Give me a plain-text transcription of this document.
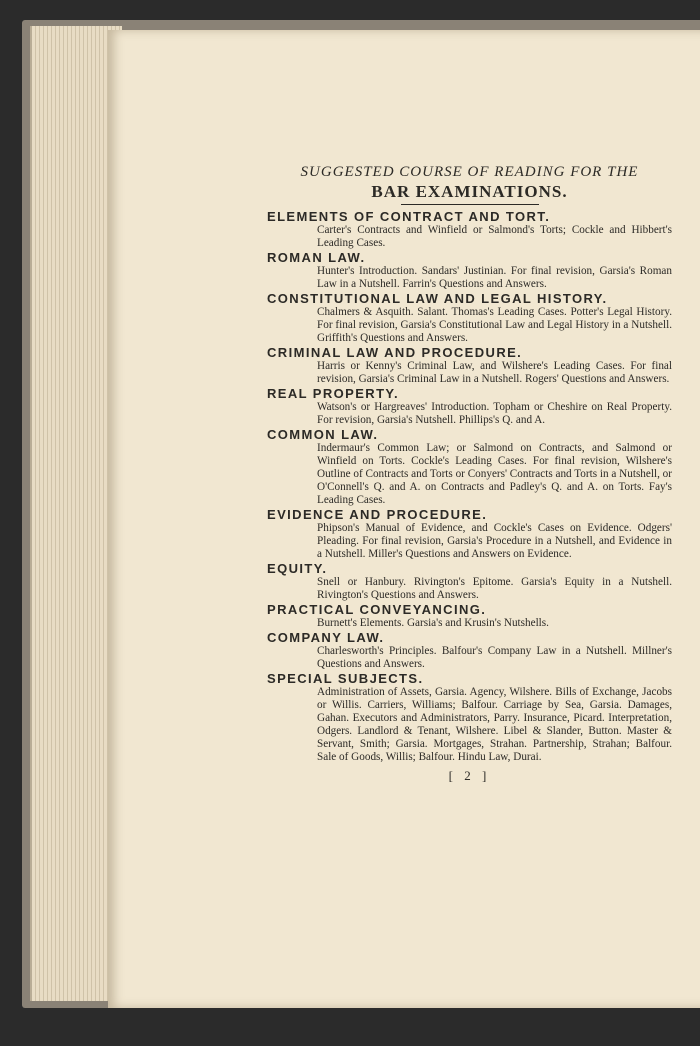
SUGGESTED COURSE OF READING FOR THE

BAR EXAMINATIONS.

ELEMENTS OF CONTRACT AND TORT.

Carter's Contracts and Winfield or Salmond's Torts; Cockle and Hibbert's Leading Cases.

ROMAN LAW.

Hunter's Introduction. Sandars' Justinian. For final revision, Garsia's Roman Law in a Nutshell. Farrin's Questions and Answers.

CONSTITUTIONAL LAW AND LEGAL HISTORY.

Chalmers & Asquith. Salant. Thomas's Leading Cases. Potter's Legal History. For final revision, Garsia's Constitutional Law and Legal History in a Nutshell. Griffith's Questions and Answers.

CRIMINAL LAW AND PROCEDURE.

Harris or Kenny's Criminal Law, and Wilshere's Leading Cases. For final revision, Garsia's Criminal Law in a Nutshell. Rogers' Questions and Answers.

REAL PROPERTY.

Watson's or Hargreaves' Introduction. Topham or Cheshire on Real Property. For revision, Garsia's Nutshell. Phillips's Q. and A.

COMMON LAW.

Indermaur's Common Law; or Salmond on Contracts, and Salmond or Winfield on Torts. Cockle's Leading Cases. For final revision, Wilshere's Outline of Contracts and Torts or Conyers' Contracts and Torts in a Nutshell, or O'Connell's Q. and A. on Contracts and Padley's Q. and A. on Torts. Fay's Leading Cases.

EVIDENCE AND PROCEDURE.

Phipson's Manual of Evidence, and Cockle's Cases on Evidence. Odgers' Pleading. For final revision, Garsia's Procedure in a Nutshell, and Evidence in a Nutshell. Miller's Questions and Answers on Evidence.

EQUITY.

Snell or Hanbury. Rivington's Epitome. Garsia's Equity in a Nutshell. Rivington's Questions and Answers.

PRACTICAL CONVEYANCING.

Burnett's Elements. Garsia's and Krusin's Nutshells.

COMPANY LAW.

Charlesworth's Principles. Balfour's Company Law in a Nutshell. Millner's Questions and Answers.

SPECIAL SUBJECTS.

Administration of Assets, Garsia. Agency, Wilshere. Bills of Exchange, Jacobs or Willis. Carriers, Williams; Balfour. Carriage by Sea, Garsia. Damages, Gahan. Executors and Administrators, Parry. Insurance, Picard. Interpretation, Odgers. Landlord & Tenant, Wilshere. Libel & Slander, Button. Master & Servant, Smith; Garsia. Mortgages, Strahan. Partnership, Strahan; Balfour. Sale of Goods, Willis; Balfour. Hindu Law, Durai.

[ 2 ]
